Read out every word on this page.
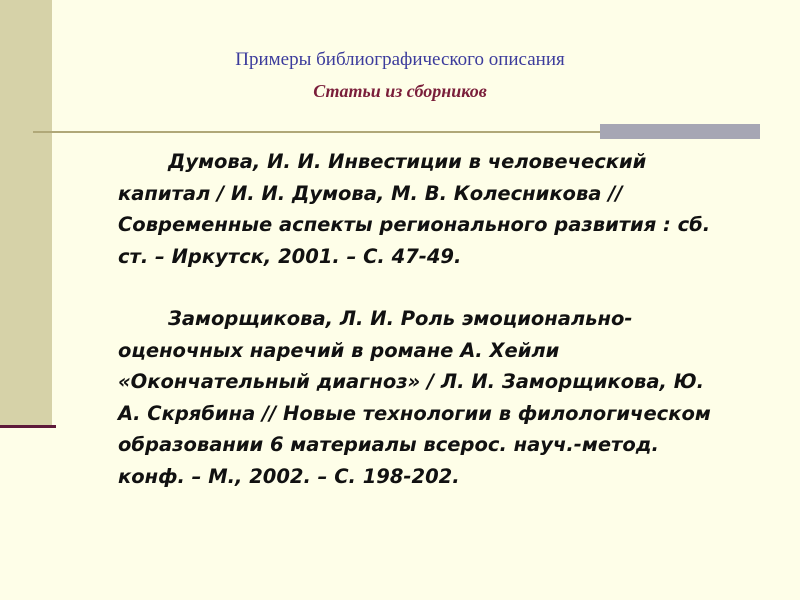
Примеры библиографического описания
Статьи из сборников

Думова, И. И. Инвестиции в человеческий капитал / И. И. Думова, М. В. Колесникова // Современные аспекты регионального развития : сб. ст. – Иркутск, 2001. – С. 47-49.

Заморщикова, Л. И. Роль эмоционально-оценочных наречий в романе А. Хейли «Окончательный диагноз» / Л. И. Заморщикова, Ю. А. Скрябина // Новые технологии в филологическом образовании 6 материалы всерос. науч.-метод. конф. – М., 2002. – С. 198-202.
